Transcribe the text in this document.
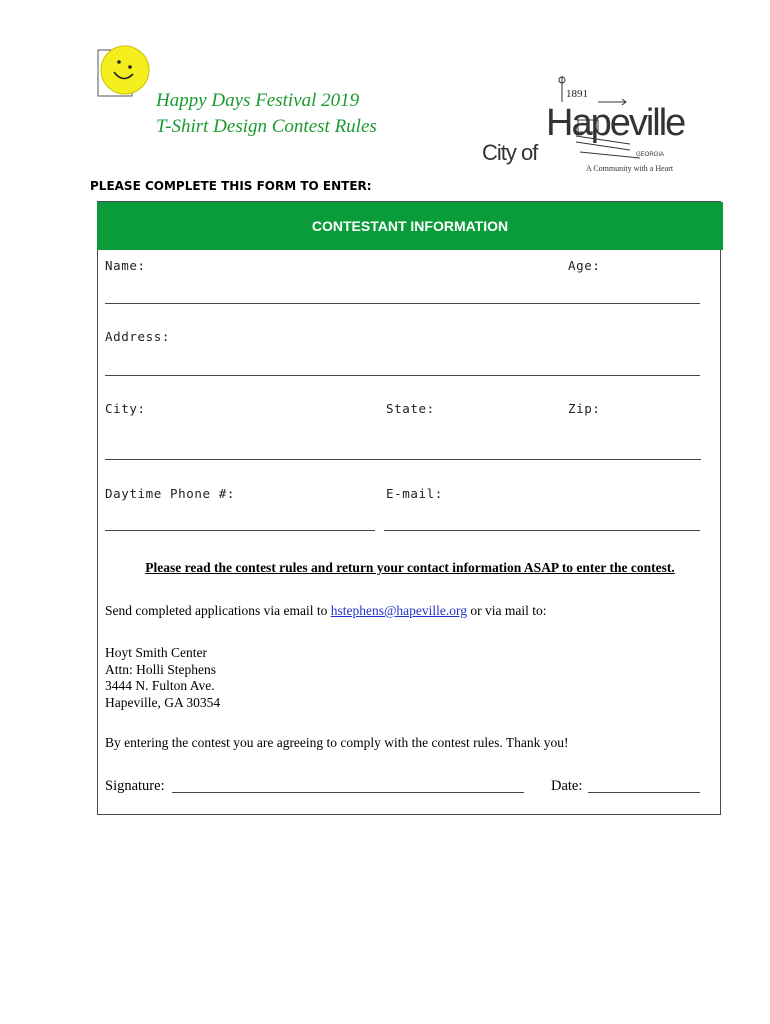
Happy Days Festival 2019
T-Shirt Design Contest Rules
1891
City of
Hapeville
GEORGIA
A Community with a Heart
PLEASE COMPLETE THIS FORM TO ENTER:
CONTESTANT INFORMATION
Name:	Age:
Address:
City:	State:	Zip:
Daytime Phone #:	E-mail:
Please read the contest rules and return your contact information ASAP to enter the contest.
Send completed applications via email to hstephens@hapeville.org or via mail to:
Hoyt Smith Center
Attn: Holli Stephens
3444 N. Fulton Ave.
Hapeville, GA 30354
By entering the contest you are agreeing to comply with the contest rules. Thank you!
Signature:	Date:
